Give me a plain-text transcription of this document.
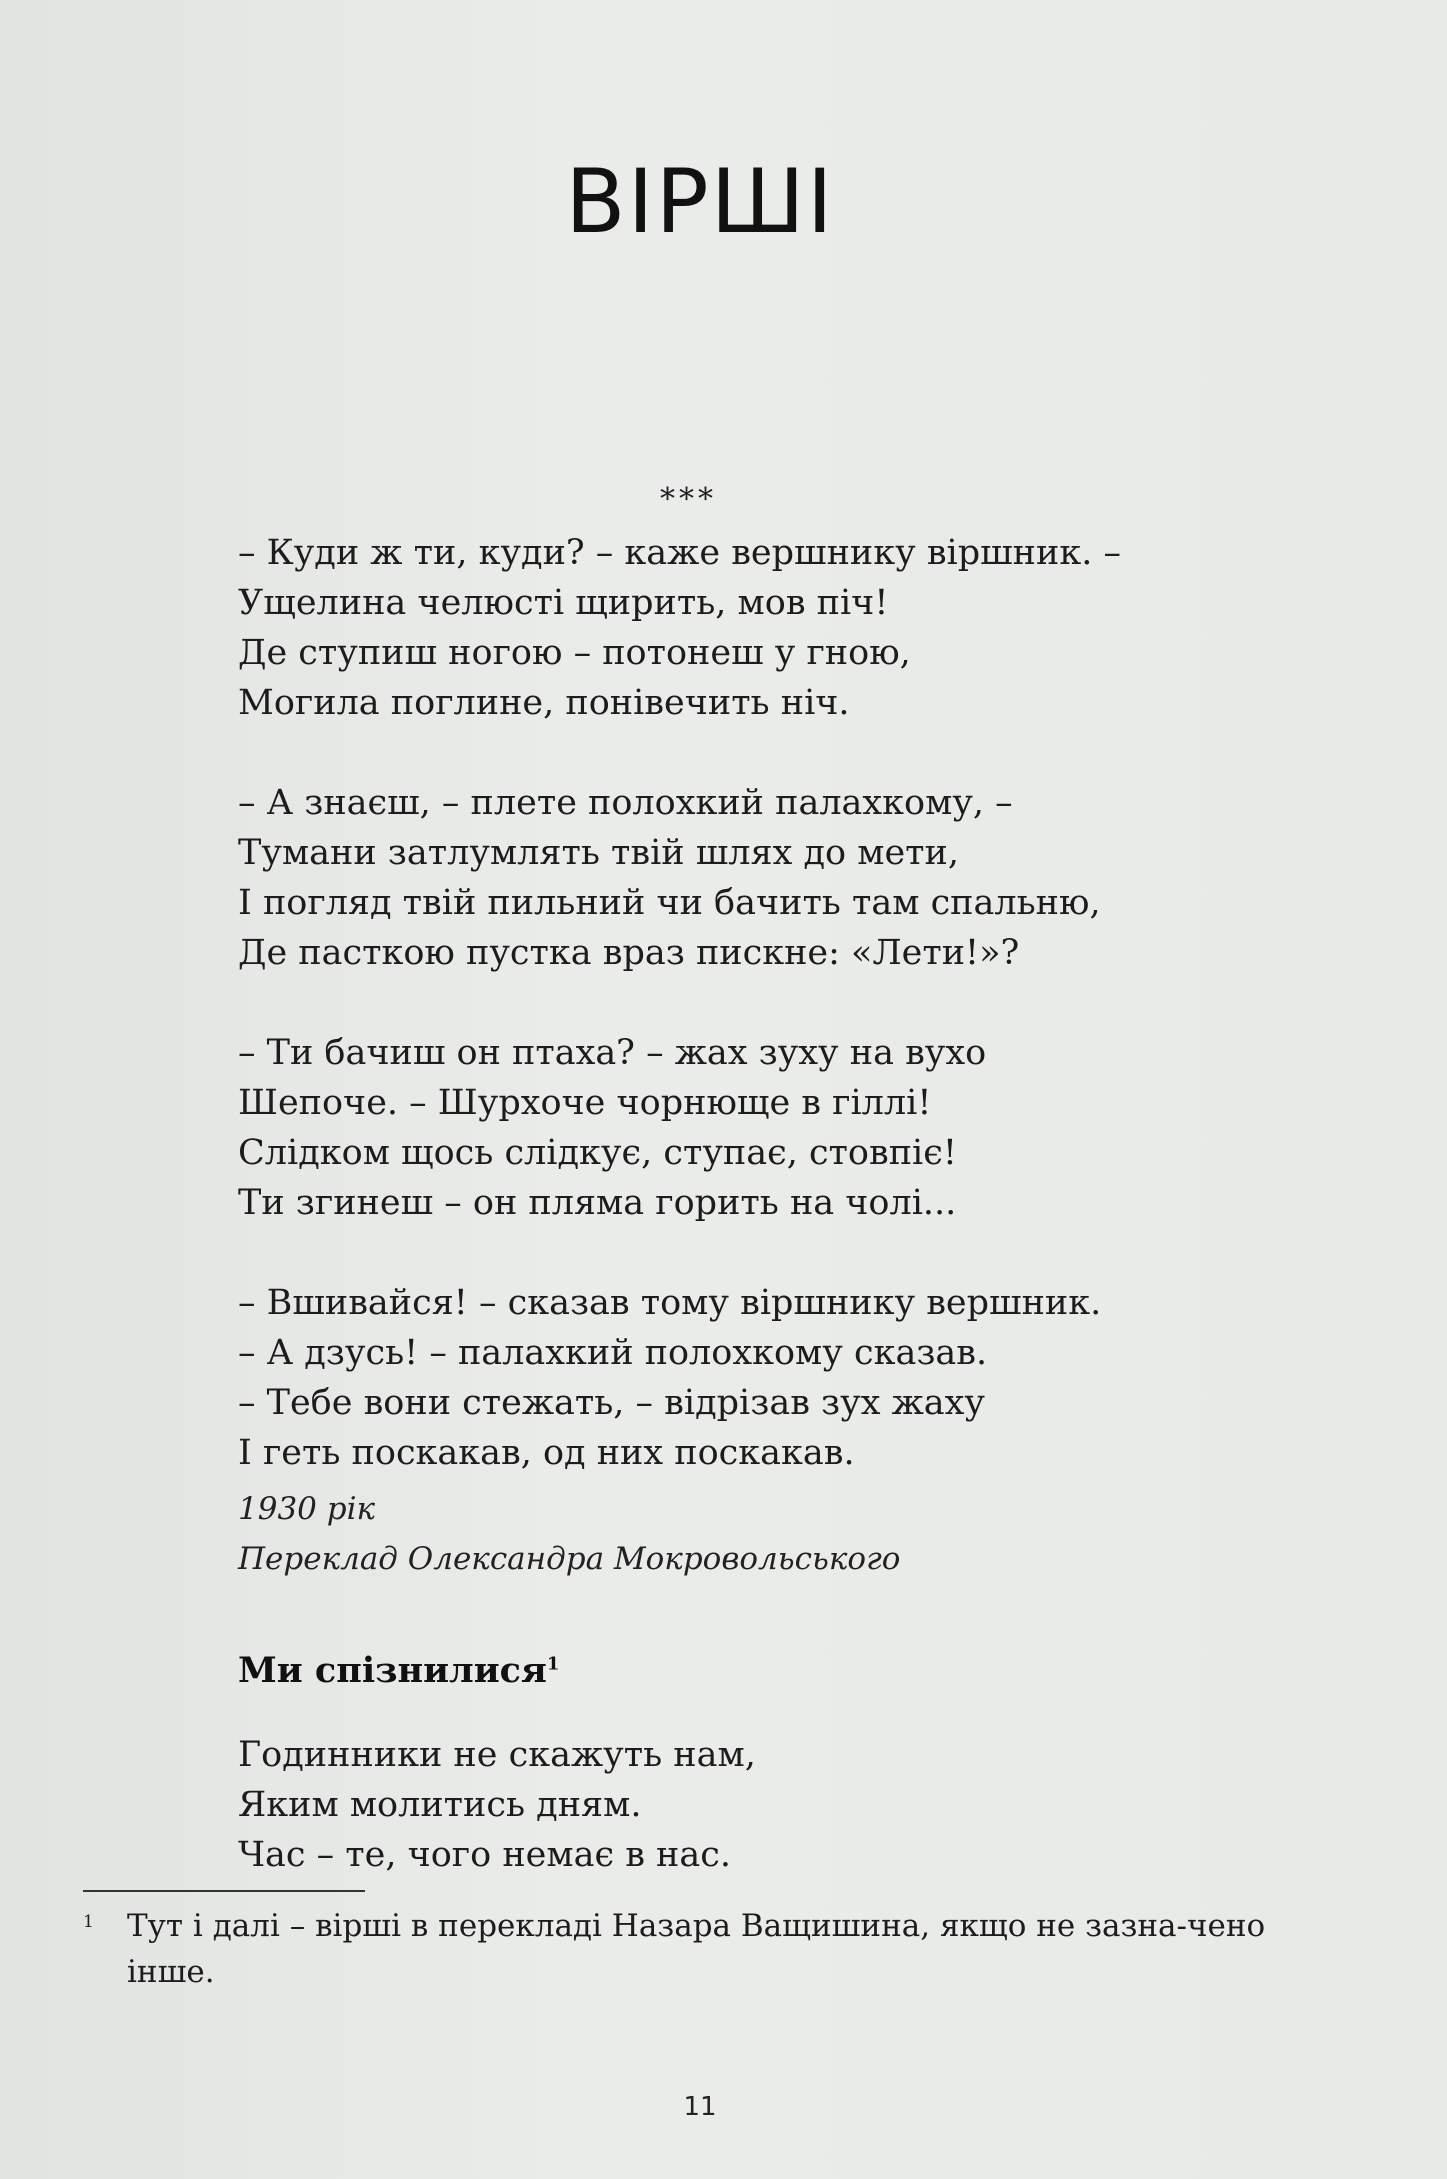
ВІРШІ
***
– Куди ж ти, куди? – каже вершнику віршник. –
Ущелина челюсті щирить, мов піч!
Де ступиш ногою – потонеш у гною,
Могила поглине, понівечить ніч.
– А знаєш, – плете полохкий палахкому, –
Тумани затлумлять твій шлях до мети,
І погляд твій пильний чи бачить там спальню,
Де пасткою пустка враз пискне: «Лети!»?
– Ти бачиш он птаха? – жах зуху на вухо
Шепоче. – Шурхоче чорнюще в гіллі!
Слідком щось слідкує, ступає, стовпіє!
Ти згинеш – он пляма горить на чолі...
– Вшивайся! – сказав тому віршнику вершник.
– А дзусь! – палахкий полохкому сказав.
– Тебе вони стежать, – відрізав зух жаху
І геть поскакав, од них поскакав.
1930 рік
Переклад Олександра Мокровольського
Ми спізнилися$^1$
Годинники не скажуть нам,
Яким молитись дням.
Час – те, чого немає в нас.
1	Тут і далі – вірші в перекладі Назара Ващишина, якщо не зазна-чено інше.
11
